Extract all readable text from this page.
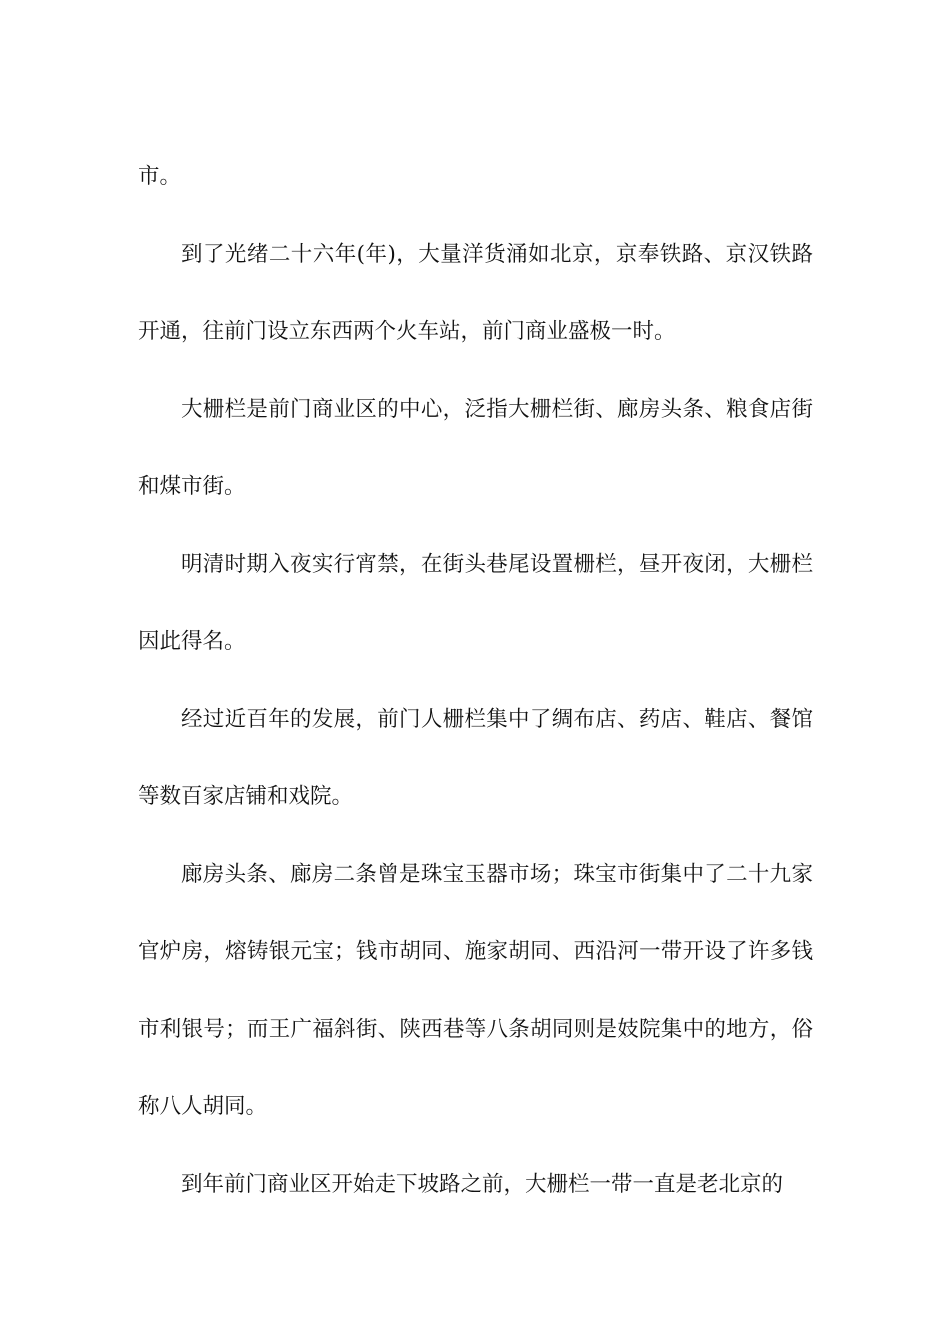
市。

到了光绪二十六年(年)，大量洋货涌如北京，京奉铁路、京汉铁路开通，往前门设立东西两个火车站，前门商业盛极一时。

大栅栏是前门商业区的中心，泛指大栅栏街、廊房头条、粮食店街和煤市街。

明清时期入夜实行宵禁，在街头巷尾设置栅栏，昼开夜闭，大栅栏因此得名。

经过近百年的发展，前门人栅栏集中了绸布店、药店、鞋店、餐馆等数百家店铺和戏院。

廊房头条、廊房二条曾是珠宝玉器市场；珠宝市街集中了二十九家官炉房，熔铸银元宝；钱市胡同、施家胡同、西沿河一带开设了许多钱市利银号；而王广福斜街、陕西巷等八条胡同则是妓院集中的地方，俗称八人胡同。

到年前门商业区开始走下坡路之前，大栅栏一带一直是老北京的
